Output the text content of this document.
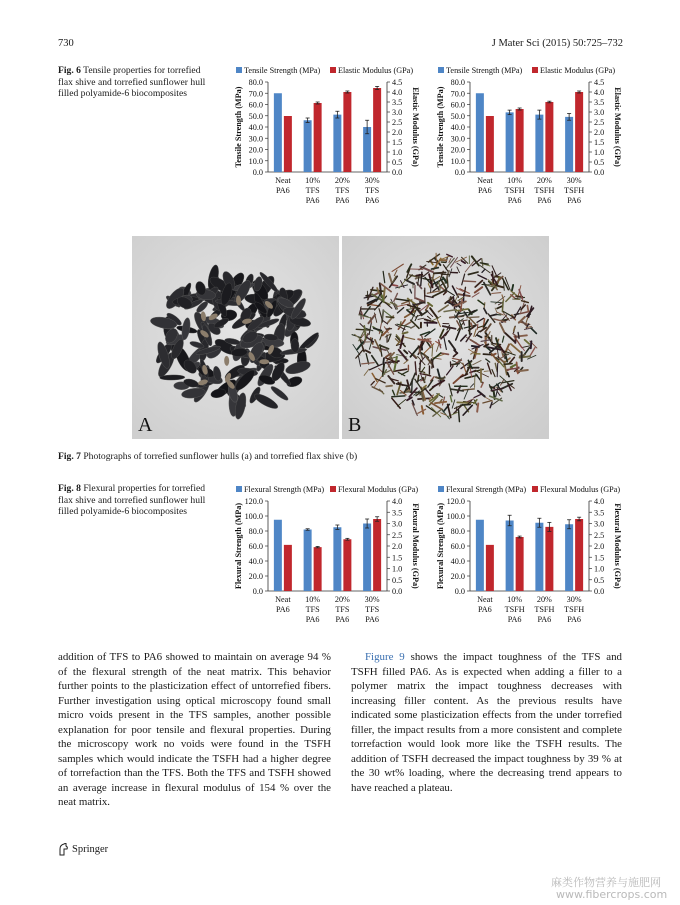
730	J Mater Sci (2015) 50:725–732
Fig. 6 Tensile properties for torrefied flax shive and torrefied sunflower hull filled polyamide-6 biocomposites
Tensile Strength (MPa) Elastic Modulus (GPa)
0.0
10.0
20.0
30.0
40.0
50.0
60.0
70.0
80.0
0.0
0.5
1.0
1.5
2.0
2.5
3.0
3.5
4.0
4.5
Tensile Strength (MPa)	Elastic Modulus (GPa)
Neat PA6
10% TFS PA6
20% TFS PA6
30% TFS PA6
Tensile Strength (MPa) Elastic Modulus (GPa)
0.0
10.0
20.0
30.0
40.0
50.0
60.0
70.0
80.0
0.0
0.5
1.0
1.5
2.0
2.5
3.0
3.5
4.0
4.5
Tensile Strength (MPa)	Elastic Modulus (GPa)
Neat PA6
10% TSFH PA6
20% TSFH PA6
30% TSFH PA6
A	B
Fig. 7 Photographs of torrefied sunflower hulls (a) and torrefied flax shive (b)
Fig. 8 Flexural properties for torrefied flax shive and torrefied sunflower hull filled polyamide-6 biocomposites
Flexural Strength (MPa) Flexural Modulus (GPa)
0.0
20.0
40.0
60.0
80.0
100.0
120.0
0.0
0.5
1.0
1.5
2.0
2.5
3.0
3.5
4.0
Flexural Strength (MPa)	Flexural Modulus (GPa)
Neat PA6
10% TFS PA6
20% TFS PA6
30% TFS PA6
Flexural Strength (MPa) Flexural Modulus (GPa)
0.0
20.0
40.0
60.0
80.0
100.0
120.0
0.0
0.5
1.0
1.5
2.0
2.5
3.0
3.5
4.0
Flexural Strength (MPa)	Flexural Modulus (GPa)
Neat PA6
10% TSFH PA6
20% TSFH PA6
30% TSFH PA6

addition of TFS to PA6 showed to maintain on average 94 % of the flexural strength of the neat matrix. This behavior further points to the plasticization effect of untorrefied fibers. Further investigation using optical microscopy found small micro voids present in the TFS samples, another possible explanation for poor tensile and flexural properties. During the microscopy work no voids were found in the TSFH samples which would indicate the TSFH had a higher degree of torrefaction than the TFS. Both the TFS and TSFH showed an average increase in flexural modulus of 154 % over the neat matrix.

Figure 9 shows the impact toughness of the TFS and TSFH filled PA6. As is expected when adding a filler to a polymer matrix the impact toughness decreases with increasing filler content. As the previous results have indicated some plasticization effects from the under torrefied filler, the impact results from a more consistent and complete torrefaction would look more like the TSFH results. The addition of TSFH decreased the impact toughness by 39 % at the 30 wt% loading, where the decreasing trend appears to have reached a plateau.

Springer
麻类作物营养与施肥网
www.fibercrops.com
